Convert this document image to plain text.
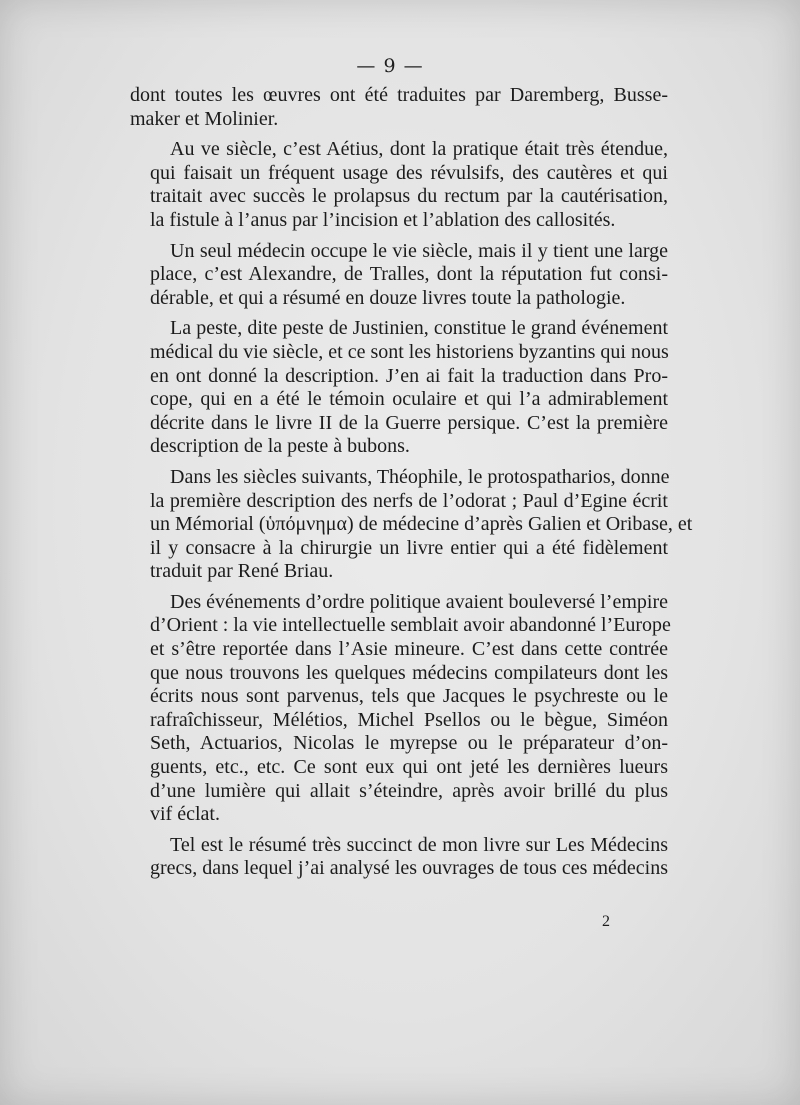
— 9 —
dont toutes les œuvres ont été traduites par Daremberg, Busse-
maker et Molinier.
Au ve siècle, c’est Aétius, dont la pratique était très étendue,
qui faisait un fréquent usage des révulsifs, des cautères et qui
traitait avec succès le prolapsus du rectum par la cautérisation,
la fistule à l’anus par l’incision et l’ablation des callosités.
Un seul médecin occupe le vie siècle, mais il y tient une large
place, c’est Alexandre, de Tralles, dont la réputation fut consi-
dérable, et qui a résumé en douze livres toute la pathologie.
La peste, dite peste de Justinien, constitue le grand événement
médical du vie siècle, et ce sont les historiens byzantins qui nous
en ont donné la description. J’en ai fait la traduction dans Pro-
cope, qui en a été le témoin oculaire et qui l’a admirablement
décrite dans le livre II de la Guerre persique. C’est la première
description de la peste à bubons.
Dans les siècles suivants, Théophile, le protospatharios, donne
la première description des nerfs de l’odorat ; Paul d’Egine écrit
un Mémorial (ὑπόμνημα) de médecine d’après Galien et Oribase, et
il y consacre à la chirurgie un livre entier qui a été fidèlement
traduit par René Briau.
Des événements d’ordre politique avaient bouleversé l’empire
d’Orient : la vie intellectuelle semblait avoir abandonné l’Europe
et s’être reportée dans l’Asie mineure. C’est dans cette contrée
que nous trouvons les quelques médecins compilateurs dont les
écrits nous sont parvenus, tels que Jacques le psychreste ou le
rafraîchisseur, Mélétios, Michel Psellos ou le bègue, Siméon
Seth, Actuarios, Nicolas le myrepse ou le préparateur d’on-
guents, etc., etc. Ce sont eux qui ont jeté les dernières lueurs
d’une lumière qui allait s’éteindre, après avoir brillé du plus
vif éclat.
Tel est le résumé très succinct de mon livre sur Les Médecins
grecs, dans lequel j’ai analysé les ouvrages de tous ces médecins
2
